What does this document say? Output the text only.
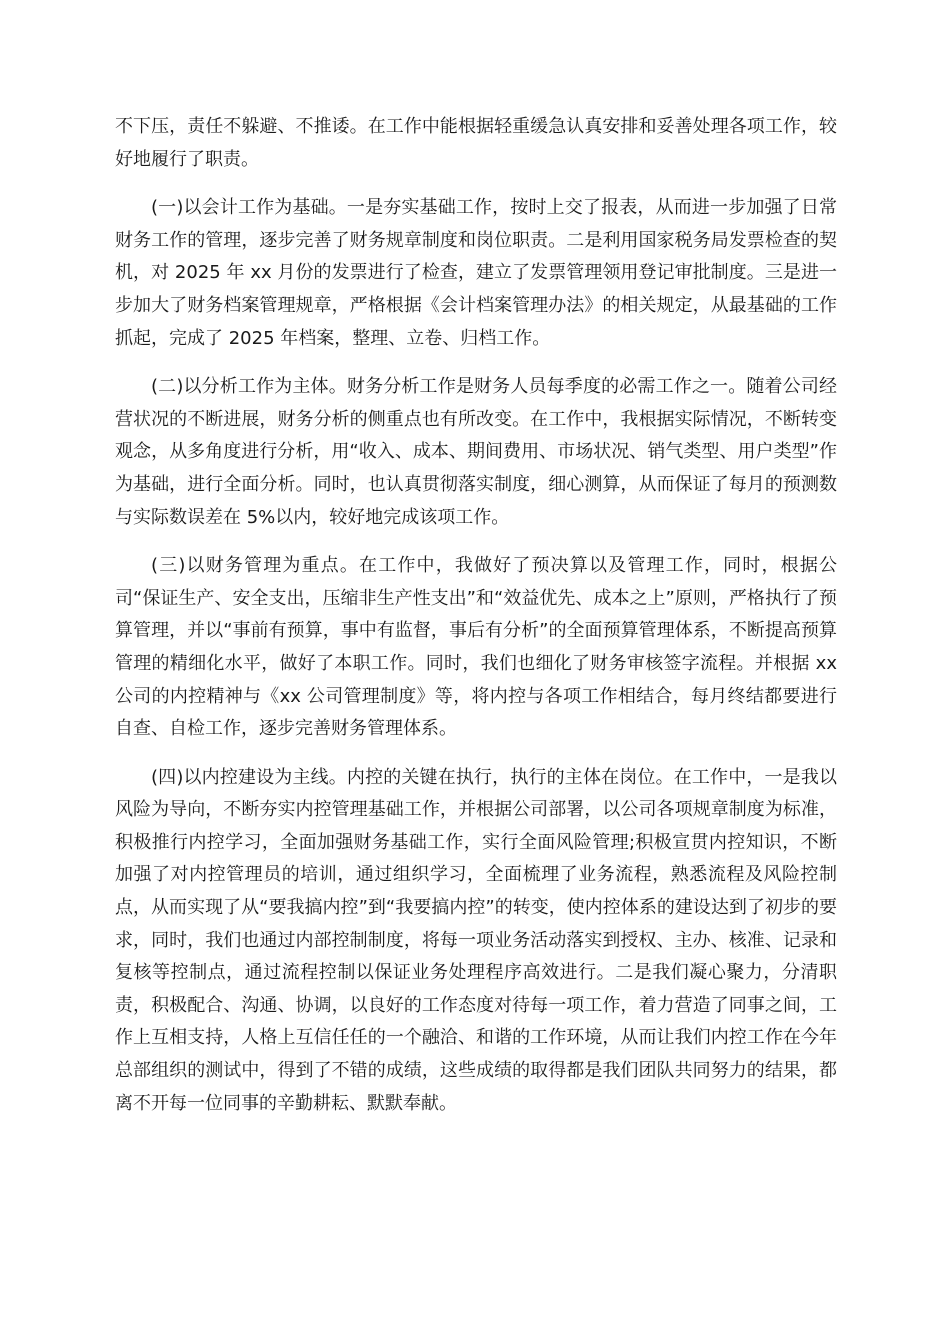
不下压，责任不躲避、不推诿。在工作中能根据轻重缓急认真安排和妥善处理各项工作，较好地履行了职责。

(一)以会计工作为基础。一是夯实基础工作，按时上交了报表，从而进一步加强了日常财务工作的管理，逐步完善了财务规章制度和岗位职责。二是利用国家税务局发票检查的契机，对 2025 年 xx 月份的发票进行了检查，建立了发票管理领用登记审批制度。三是进一步加大了财务档案管理规章，严格根据《会计档案管理办法》的相关规定，从最基础的工作抓起，完成了 2025 年档案，整理、立卷、归档工作。

(二)以分析工作为主体。财务分析工作是财务人员每季度的必需工作之一。随着公司经营状况的不断进展，财务分析的侧重点也有所改变。在工作中，我根据实际情况，不断转变观念，从多角度进行分析，用“收入、成本、期间费用、市场状况、销气类型、用户类型”作为基础，进行全面分析。同时，也认真贯彻落实制度，细心测算，从而保证了每月的预测数与实际数误差在 5%以内，较好地完成该项工作。

(三)以财务管理为重点。在工作中，我做好了预决算以及管理工作，同时，根据公司“保证生产、安全支出，压缩非生产性支出”和“效益优先、成本之上”原则，严格执行了预算管理，并以“事前有预算，事中有监督，事后有分析”的全面预算管理体系，不断提高预算管理的精细化水平，做好了本职工作。同时，我们也细化了财务审核签字流程。并根据 xx 公司的内控精神与《xx 公司管理制度》等，将内控与各项工作相结合，每月终结都要进行自查、自检工作，逐步完善财务管理体系。

(四)以内控建设为主线。内控的关键在执行，执行的主体在岗位。在工作中，一是我以风险为导向，不断夯实内控管理基础工作，并根据公司部署，以公司各项规章制度为标准，积极推行内控学习，全面加强财务基础工作，实行全面风险管理;积极宣贯内控知识，不断加强了对内控管理员的培训，通过组织学习，全面梳理了业务流程，熟悉流程及风险控制点，从而实现了从“要我搞内控”到“我要搞内控”的转变，使内控体系的建设达到了初步的要求，同时，我们也通过内部控制制度，将每一项业务活动落实到授权、主办、核准、记录和复核等控制点，通过流程控制以保证业务处理程序高效进行。二是我们凝心聚力，分清职责，积极配合、沟通、协调，以良好的工作态度对待每一项工作，着力营造了同事之间，工作上互相支持，人格上互信任任的一个融洽、和谐的工作环境，从而让我们内控工作在今年总部组织的测试中，得到了不错的成绩，这些成绩的取得都是我们团队共同努力的结果，都离不开每一位同事的辛勤耕耘、默默奉献。
